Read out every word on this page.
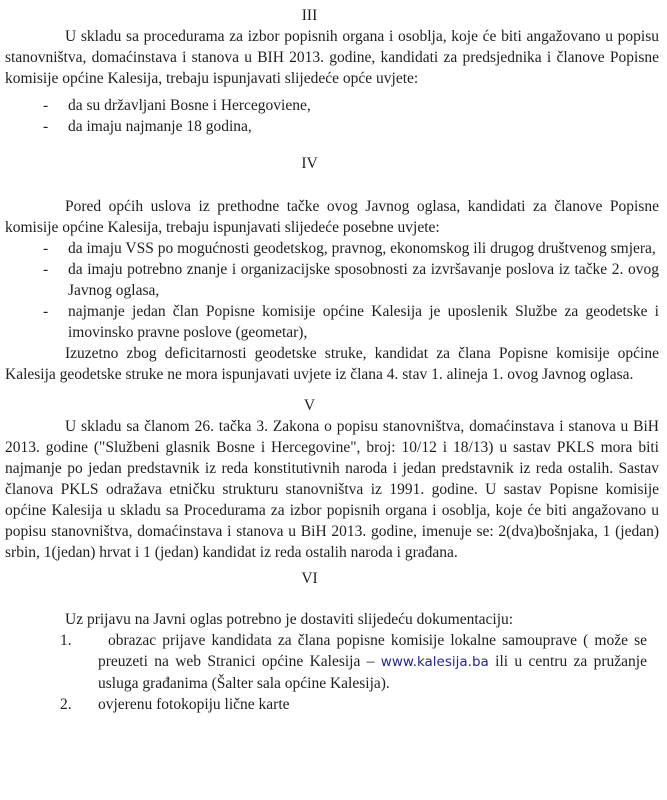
III

U skladu sa procedurama za izbor popisnih organa i osoblja, koje će biti angažovano u popisu stanovništva, domaćinstava i stanova u BIH 2013. godine, kandidati za predsjednika i članove Popisne komisije općine Kalesija, trebaju ispunjavati slijedeće opće uvjete:

-	da su državljani Bosne i Hercegoviene,
-	da imaju najmanje 18 godina,
IV

Pored općih uslova iz prethodne tačke ovog Javnog oglasa, kandidati za članove Popisne komisije općine Kalesija, trebaju ispunjavati slijedeće posebne uvjete:

-	da imaju VSS po mogućnosti geodetskog, pravnog, ekonomskog ili drugog društvenog smjera,
-	da imaju potrebno znanje i organizacijske sposobnosti za izvršavanje poslova iz tačke 2. ovog Javnog oglasa,
-	najmanje jedan član Popisne komisije općine Kalesija je uposlenik Službe za geodetske i imovinsko pravne poslove (geometar),

Izuzetno zbog deficitarnosti geodetske struke, kandidat za člana Popisne komisije općine Kalesija geodetske struke ne mora ispunjavati uvjete iz člana 4. stav 1. alineja 1. ovog Javnog oglasa.

V

U skladu sa članom 26. tačka 3. Zakona o popisu stanovništva, domaćinstava i stanova u BiH 2013. godine ("Službeni glasnik Bosne i Hercegovine", broj: 10/12 i 18/13) u sastav PKLS mora biti najmanje po jedan predstavnik iz reda konstitutivnih naroda i jedan predstavnik iz reda ostalih. Sastav članova PKLS odražava etničku strukturu stanovništva iz 1991. godine. U sastav Popisne komisije općine Kalesija u skladu sa Procedurama za izbor popisnih organa i osoblja, koje će biti angažovano u popisu stanovništva, domaćinstava i stanova u BiH 2013. godine, imenuje se: 2(dva)bošnjaka, 1 (jedan) srbin, 1(jedan) hrvat i 1 (jedan) kandidat iz reda ostalih naroda i građana.

VI

Uz prijavu na Javni oglas potrebno je dostaviti slijedeću dokumentaciju:

1.	obrazac prijave kandidata za člana popisne komisije lokalne samouprave ( može se preuzeti na web Stranici općine Kalesija – www.kalesija.ba ili u centru za pružanje usluga građanima (Šalter sala općine Kalesija).
2.	ovjerenu fotokopiju lične karte
